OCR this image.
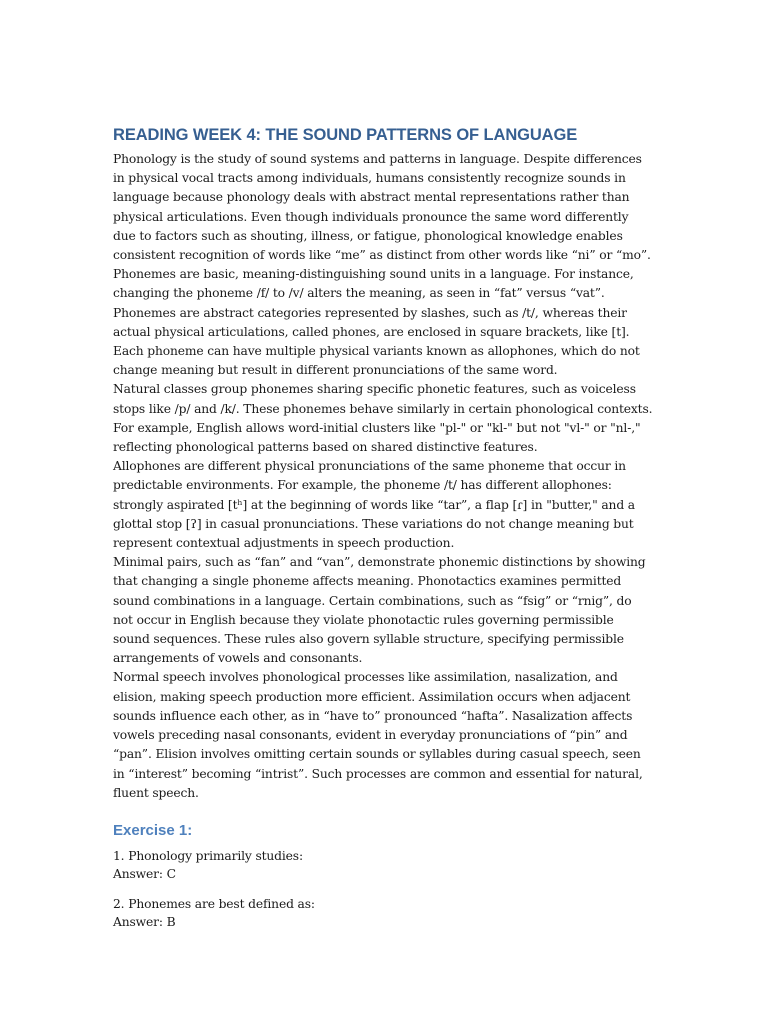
READING WEEK 4: THE SOUND PATTERNS OF LANGUAGE

Phonology is the study of sound systems and patterns in language. Despite differences in physical vocal tracts among individuals, humans consistently recognize sounds in language because phonology deals with abstract mental representations rather than physical articulations. Even though individuals pronounce the same word differently due to factors such as shouting, illness, or fatigue, phonological knowledge enables consistent recognition of words like “me” as distinct from other words like “ni” or “mo”.

Phonemes are basic, meaning-distinguishing sound units in a language. For instance, changing the phoneme /f/ to /v/ alters the meaning, as seen in “fat” versus “vat”. Phonemes are abstract categories represented by slashes, such as /t/, whereas their actual physical articulations, called phones, are enclosed in square brackets, like [t]. Each phoneme can have multiple physical variants known as allophones, which do not change meaning but result in different pronunciations of the same word.

Natural classes group phonemes sharing specific phonetic features, such as voiceless stops like /p/ and /k/. These phonemes behave similarly in certain phonological contexts. For example, English allows word-initial clusters like "pl-" or "kl-" but not "vl-" or "nl-," reflecting phonological patterns based on shared distinctive features.

Allophones are different physical pronunciations of the same phoneme that occur in predictable environments. For example, the phoneme /t/ has different allophones: strongly aspirated [tʰ] at the beginning of words like “tar”, a flap [ɾ] in "butter," and a glottal stop [ʔ] in casual pronunciations. These variations do not change meaning but represent contextual adjustments in speech production.

Minimal pairs, such as “fan” and “van”, demonstrate phonemic distinctions by showing that changing a single phoneme affects meaning. Phonotactics examines permitted sound combinations in a language. Certain combinations, such as “fsig” or “rnig”, do not occur in English because they violate phonotactic rules governing permissible sound sequences. These rules also govern syllable structure, specifying permissible arrangements of vowels and consonants.

Normal speech involves phonological processes like assimilation, nasalization, and elision, making speech production more efficient. Assimilation occurs when adjacent sounds influence each other, as in “have to” pronounced “hafta”. Nasalization affects vowels preceding nasal consonants, evident in everyday pronunciations of “pin” and “pan”. Elision involves omitting certain sounds or syllables during casual speech, seen in “interest” becoming “intrist”. Such processes are common and essential for natural, fluent speech.

Exercise 1:

1. Phonology primarily studies:

Answer: C

2. Phonemes are best defined as:

Answer: B
